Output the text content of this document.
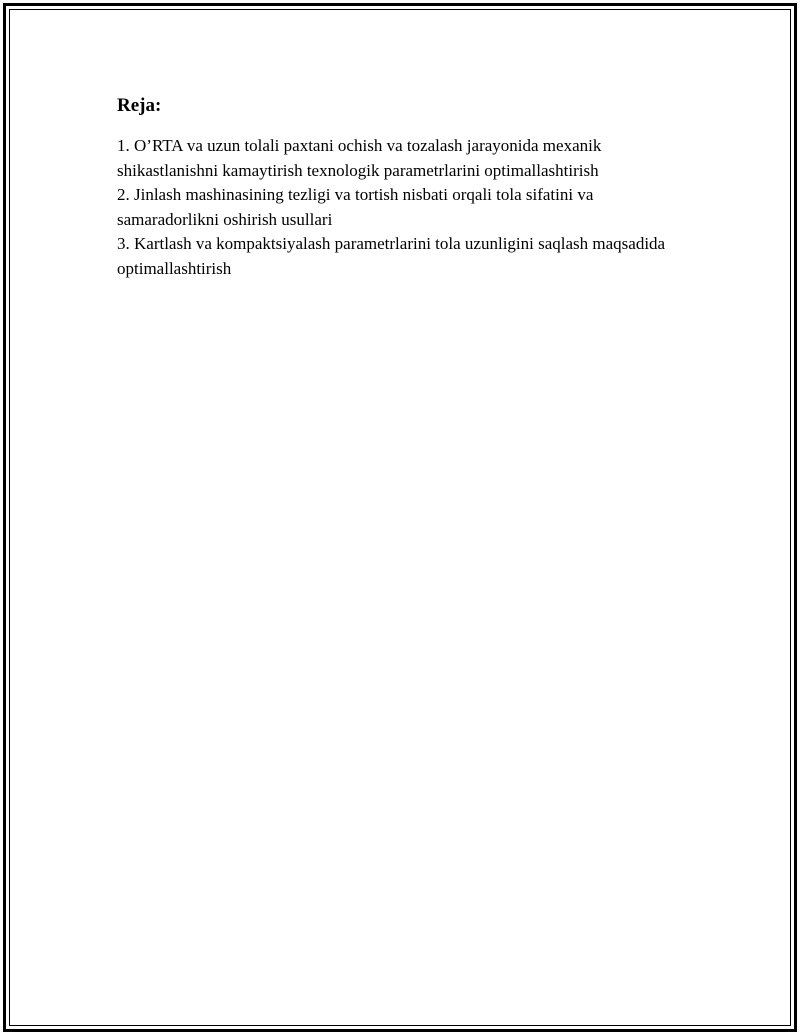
Reja:
1. O’RTA va uzun tolali paxtani ochish va tozalash jarayonida mexanik shikastlanishni kamaytirish texnologik parametrlarini optimallashtirish
2. Jinlash mashinasining tezligi va tortish nisbati orqali tola sifatini va samaradorlikni oshirish usullari
3. Kartlash va kompaktsiyalash parametrlarini tola uzunligini saqlash maqsadida optimallashtirish
